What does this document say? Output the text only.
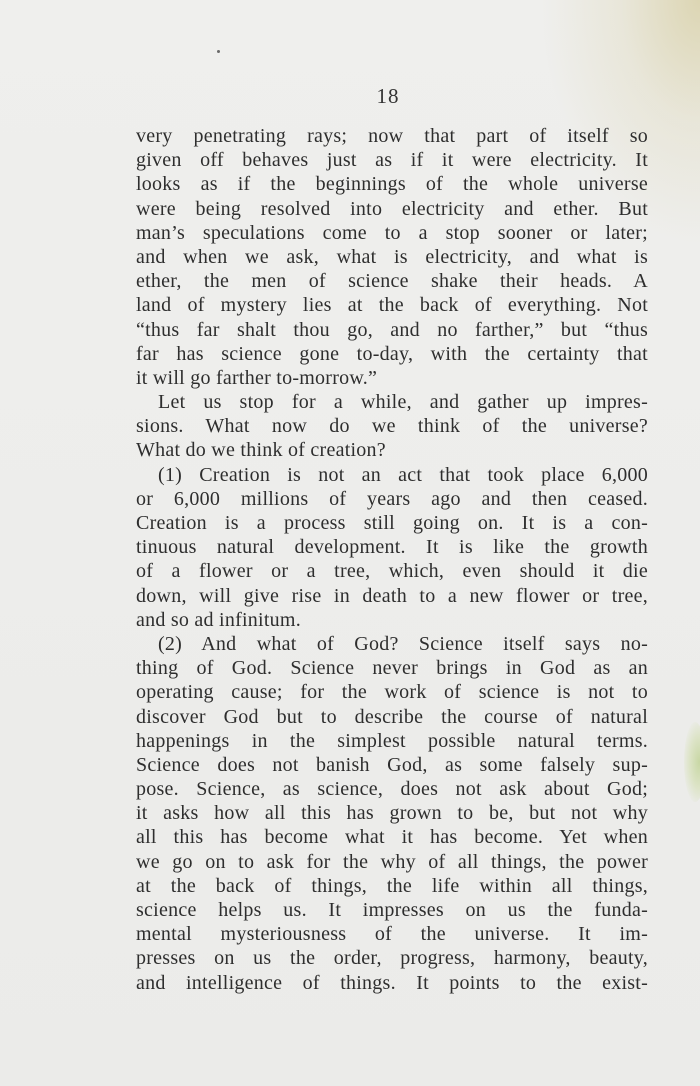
18
very penetrating rays; now that part of itself so
given off behaves just as if it were electricity. It
looks as if the beginnings of the whole universe
were being resolved into electricity and ether. But
man’s speculations come to a stop sooner or later;
and when we ask, what is electricity, and what is
ether, the men of science shake their heads. A
land of mystery lies at the back of everything. Not
“thus far shalt thou go, and no farther,” but “thus
far has science gone to-day, with the certainty that
it will go farther to-morrow.”
Let us stop for a while, and gather up impres-
sions. What now do we think of the universe?
What do we think of creation?
(1) Creation is not an act that took place 6,000
or 6,000 millions of years ago and then ceased.
Creation is a process still going on. It is a con-
tinuous natural development. It is like the growth
of a flower or a tree, which, even should it die
down, will give rise in death to a new flower or tree,
and so ad infinitum.
(2) And what of God? Science itself says no-
thing of God. Science never brings in God as an
operating cause; for the work of science is not to
discover God but to describe the course of natural
happenings in the simplest possible natural terms.
Science does not banish God, as some falsely sup-
pose. Science, as science, does not ask about God;
it asks how all this has grown to be, but not why
all this has become what it has become. Yet when
we go on to ask for the why of all things, the power
at the back of things, the life within all things,
science helps us. It impresses on us the funda-
mental mysteriousness of the universe. It im-
presses on us the order, progress, harmony, beauty,
and intelligence of things. It points to the exist-
